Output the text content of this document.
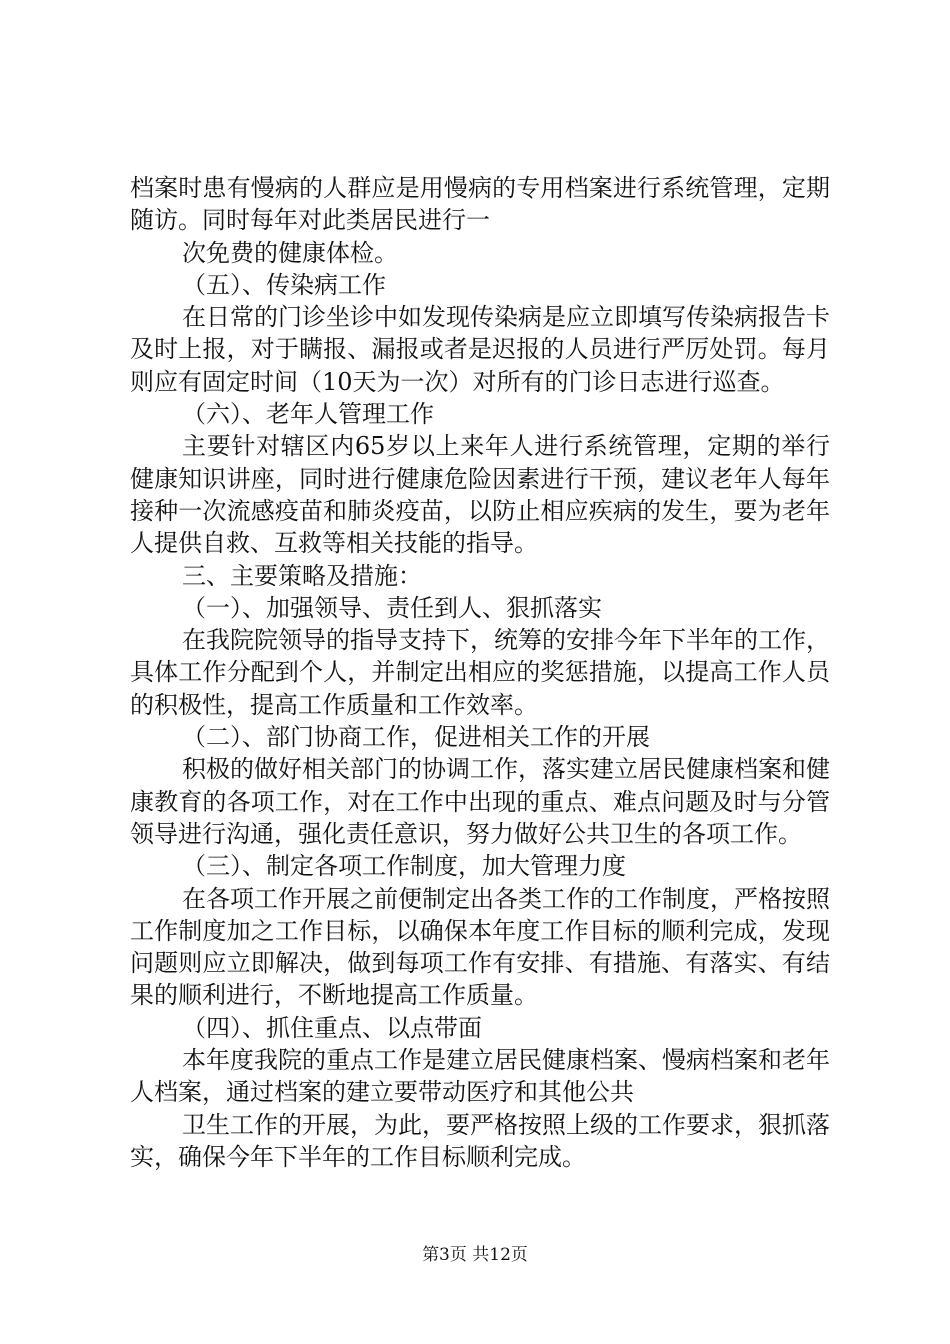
档案时患有慢病的人群应是用慢病的专用档案进行系统管理，定期随访。同时每年对此类居民进行一

次免费的健康体检。

（五）、传染病工作

在日常的门诊坐诊中如发现传染病是应立即填写传染病报告卡及时上报，对于瞒报、漏报或者是迟报的人员进行严厉处罚。每月则应有固定时间（10天为一次）对所有的门诊日志进行巡查。

（六）、老年人管理工作

主要针对辖区内65岁以上来年人进行系统管理，定期的举行健康知识讲座，同时进行健康危险因素进行干预，建议老年人每年接种一次流感疫苗和肺炎疫苗，以防止相应疾病的发生，要为老年人提供自救、互救等相关技能的指导。

三、主要策略及措施：

（一）、加强领导、责任到人、狠抓落实

在我院院领导的指导支持下，统筹的安排今年下半年的工作，具体工作分配到个人，并制定出相应的奖惩措施，以提高工作人员的积极性，提高工作质量和工作效率。

（二）、部门协商工作，促进相关工作的开展

积极的做好相关部门的协调工作，落实建立居民健康档案和健康教育的各项工作，对在工作中出现的重点、难点问题及时与分管领导进行沟通，强化责任意识，努力做好公共卫生的各项工作。

（三）、制定各项工作制度，加大管理力度

在各项工作开展之前便制定出各类工作的工作制度，严格按照工作制度加之工作目标，以确保本年度工作目标的顺利完成，发现问题则应立即解决，做到每项工作有安排、有措施、有落实、有结果的顺利进行，不断地提高工作质量。

（四）、抓住重点、以点带面

本年度我院的重点工作是建立居民健康档案、慢病档案和老年人档案，通过档案的建立要带动医疗和其他公共

卫生工作的开展，为此，要严格按照上级的工作要求，狠抓落实，确保今年下半年的工作目标顺利完成。

第3页 共12页
